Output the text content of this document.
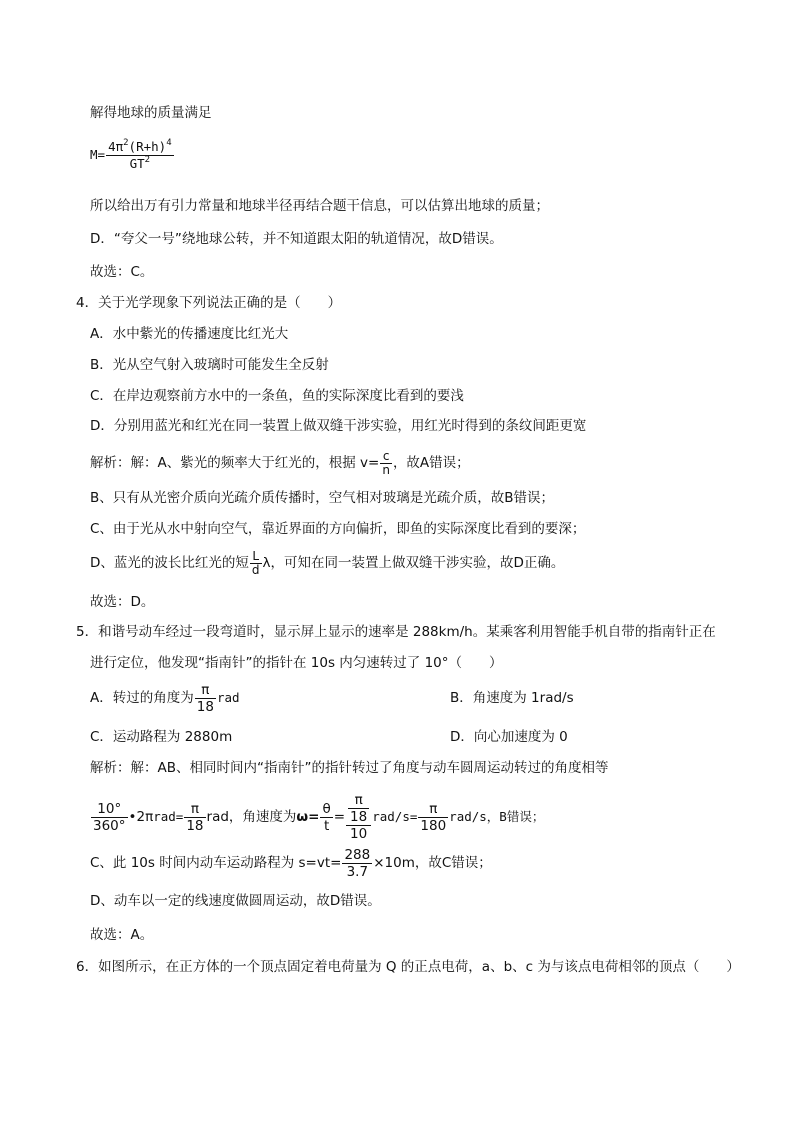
解得地球的质量满足
$M= \frac{4\pi^2(R+h)^4}{GT^2}$
所以给出万有引力常量和地球半径再结合题干信息，可以估算出地球的质量；
D．“夸父一号”绕地球公转，并不知道跟太阳的轨道情况，故D错误。
故选：C。
4．关于光学现象下列说法正确的是（　　）
A．水中紫光的传播速度比红光大
B．光从空气射入玻璃时可能发生全反射
C．在岸边观察前方水中的一条鱼，鱼的实际深度比看到的要浅
D．分别用蓝光和红光在同一装置上做双缝干涉实验，用红光时得到的条纹间距更宽
解析：解：A、紫光的频率大于红光的，根据 $v= \frac{c}{n}$ ，故A错误；
B、只有从光密介质向光疏介质传播时，空气相对玻璃是光疏介质，故B错误；
C、由于光从水中射向空气，靠近界面的方向偏折，即鱼的实际深度比看到的要深；
D、蓝光的波长比红光的短 $\frac{L}{d}$ λ，可知在同一装置上做双缝干涉实验，故D正确。
故选：D。
5．和谐号动车经过一段弯道时，显示屏上显示的速率是 288km/h。某乘客利用智能手机自带的指南针正在
进行定位，他发现“指南针”的指针在 10s 内匀速转过了 10°（　　）
A．转过的角度为 $\frac{\pi}{18}$ rad	B．角速度为 1rad/s
C．运动路程为 2880m	D．向心加速度为 0
解析：解：AB、相同时间内“指南针”的指针转过了角度与动车圆周运动转过的角度相等
$\frac{10^\circ}{360^\circ}$ •2πrad= $\frac{\pi}{18}$ rad，角速度为$\omega= \frac{\theta}{t} = \frac{\frac{\pi}{18}}{10} rad/s= \frac{\pi}{180} rad/s$，B错误；
C、此 10s 时间内动车运动路程为 $s=vt= \frac{288}{3.7} \times 10m$，故C错误；
D、动车以一定的线速度做圆周运动，故D错误。
故选：A。
6．如图所示，在正方体的一个顶点固定着电荷量为 Q 的正点电荷，a、b、c 为与该点电荷相邻的顶点（　　）
